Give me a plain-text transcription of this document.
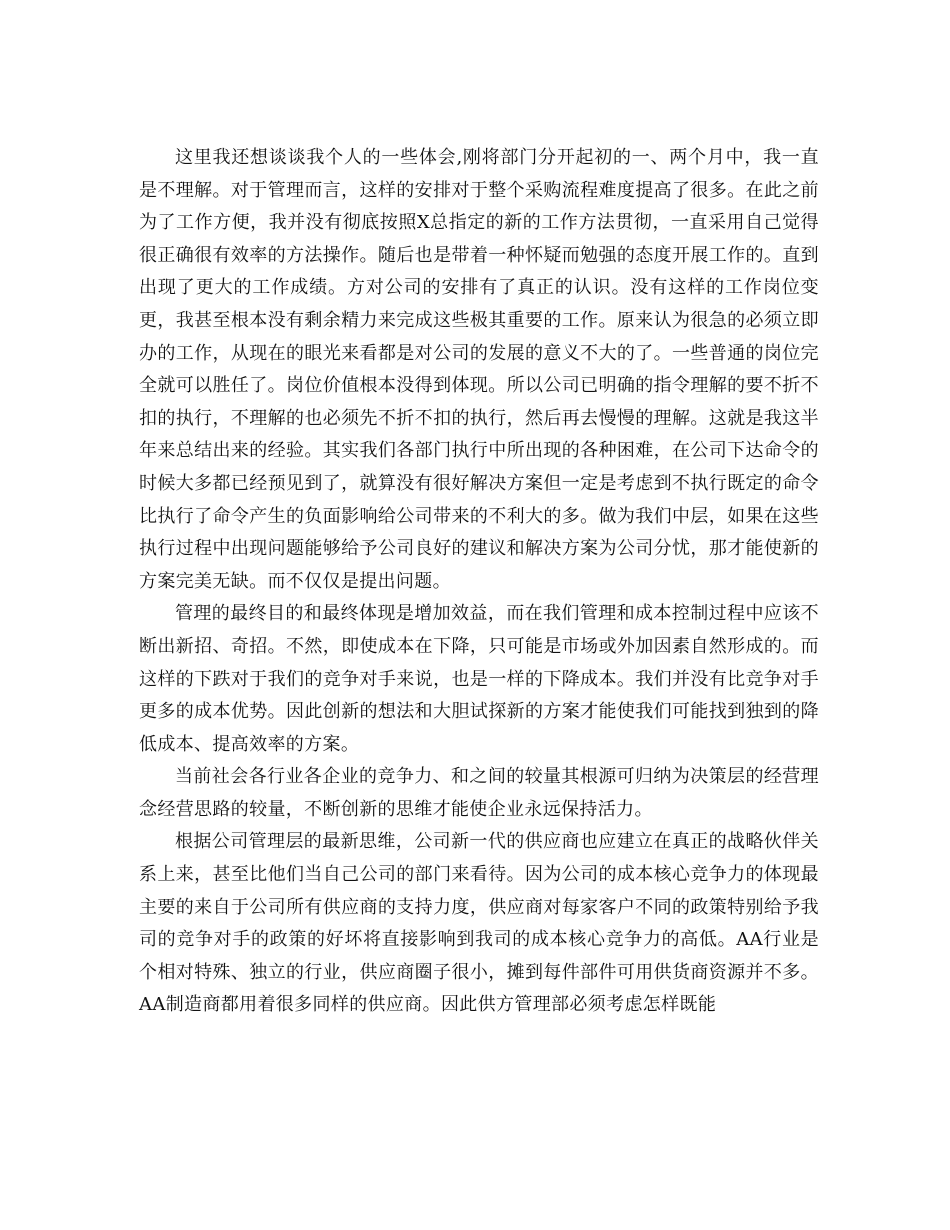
这里我还想谈谈我个人的一些体会,刚将部门分开起初的一、两个月中，我一直是不理解。对于管理而言，这样的安排对于整个采购流程难度提高了很多。在此之前为了工作方便，我并没有彻底按照X总指定的新的工作方法贯彻，一直采用自己觉得很正确很有效率的方法操作。随后也是带着一种怀疑而勉强的态度开展工作的。直到出现了更大的工作成绩。方对公司的安排有了真正的认识。没有这样的工作岗位变更，我甚至根本没有剩余精力来完成这些极其重要的工作。原来认为很急的必须立即办的工作，从现在的眼光来看都是对公司的发展的意义不大的了。一些普通的岗位完全就可以胜任了。岗位价值根本没得到体现。所以公司已明确的指令理解的要不折不扣的执行，不理解的也必须先不折不扣的执行，然后再去慢慢的理解。这就是我这半年来总结出来的经验。其实我们各部门执行中所出现的各种困难，在公司下达命令的时候大多都已经预见到了，就算没有很好解决方案但一定是考虑到不执行既定的命令比执行了命令产生的负面影响给公司带来的不利大的多。做为我们中层，如果在这些执行过程中出现问题能够给予公司良好的建议和解决方案为公司分忧，那才能使新的方案完美无缺。而不仅仅是提出问题。

管理的最终目的和最终体现是增加效益，而在我们管理和成本控制过程中应该不断出新招、奇招。不然，即使成本在下降，只可能是市场或外加因素自然形成的。而这样的下跌对于我们的竞争对手来说，也是一样的下降成本。我们并没有比竞争对手更多的成本优势。因此创新的想法和大胆试探新的方案才能使我们可能找到独到的降低成本、提高效率的方案。

当前社会各行业各企业的竞争力、和之间的较量其根源可归纳为决策层的经营理念经营思路的较量，不断创新的思维才能使企业永远保持活力。

根据公司管理层的最新思维，公司新一代的供应商也应建立在真正的战略伙伴关系上来，甚至比他们当自己公司的部门来看待。因为公司的成本核心竞争力的体现最主要的来自于公司所有供应商的支持力度，供应商对每家客户不同的政策特别给予我司的竞争对手的政策的好坏将直接影响到我司的成本核心竞争力的高低。AA行业是个相对特殊、独立的行业，供应商圈子很小，摊到每件部件可用供货商资源并不多。AA制造商都用着很多同样的供应商。因此供方管理部必须考虑怎样既能
